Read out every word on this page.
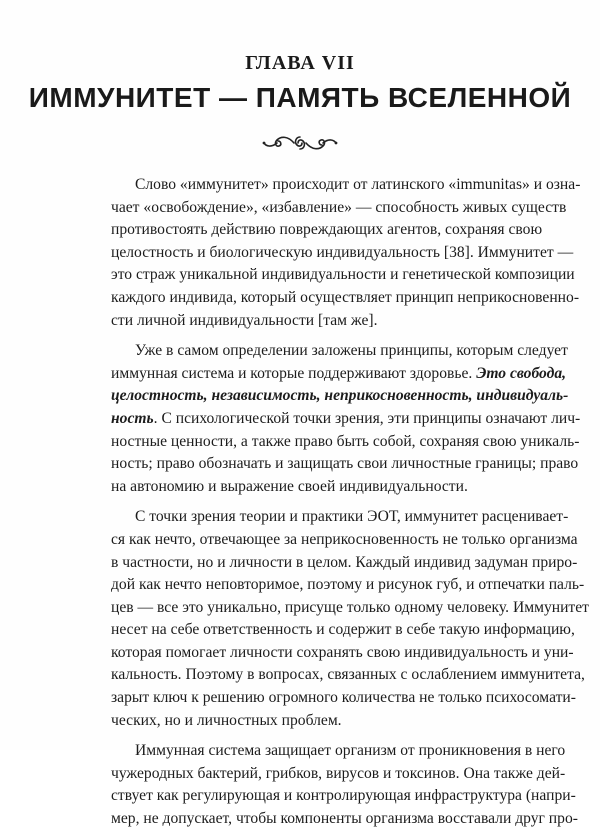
ГЛАВА VII
ИММУНИТЕТ — ПАМЯТЬ ВСЕЛЕННОЙ
Слово «иммунитет» происходит от латинского «immunitas» и озна-
чает «освобождение», «избавление» — способность живых существ
противостоять действию повреждающих агентов, сохраняя свою
целостность и биологическую индивидуальность [38]. Иммунитет —
это страж уникальной индивидуальности и генетической композиции
каждого индивида, который осуществляет принцип неприкосновенно-
сти личной индивидуальности [там же].
Уже в самом определении заложены принципы, которым следует
иммунная система и которые поддерживают здоровье. Это свобода,
целостность, независимость, неприкосновенность, индивидуаль-
ность. С психологической точки зрения, эти принципы означают лич-
ностные ценности, а также право быть собой, сохраняя свою уникаль-
ность; право обозначать и защищать свои личностные границы; право
на автономию и выражение своей индивидуальности.
С точки зрения теории и практики ЭОТ, иммунитет расценивает-
ся как нечто, отвечающее за неприкосновенность не только организма
в частности, но и личности в целом. Каждый индивид задуман приро-
дой как нечто неповторимое, поэтому и рисунок губ, и отпечатки паль-
цев — все это уникально, присуще только одному человеку. Иммунитет
несет на себе ответственность и содержит в себе такую информацию,
которая помогает личности сохранять свою индивидуальность и уни-
кальность. Поэтому в вопросах, связанных с ослаблением иммунитета,
зарыт ключ к решению огромного количества не только психосомати-
ческих, но и личностных проблем.
Иммунная система защищает организм от проникновения в него
чужеродных бактерий, грибков, вирусов и токсинов. Она также дей-
ствует как регулирующая и контролирующая инфраструктура (напри-
мер, не допускает, чтобы компоненты организма восставали друг про-
